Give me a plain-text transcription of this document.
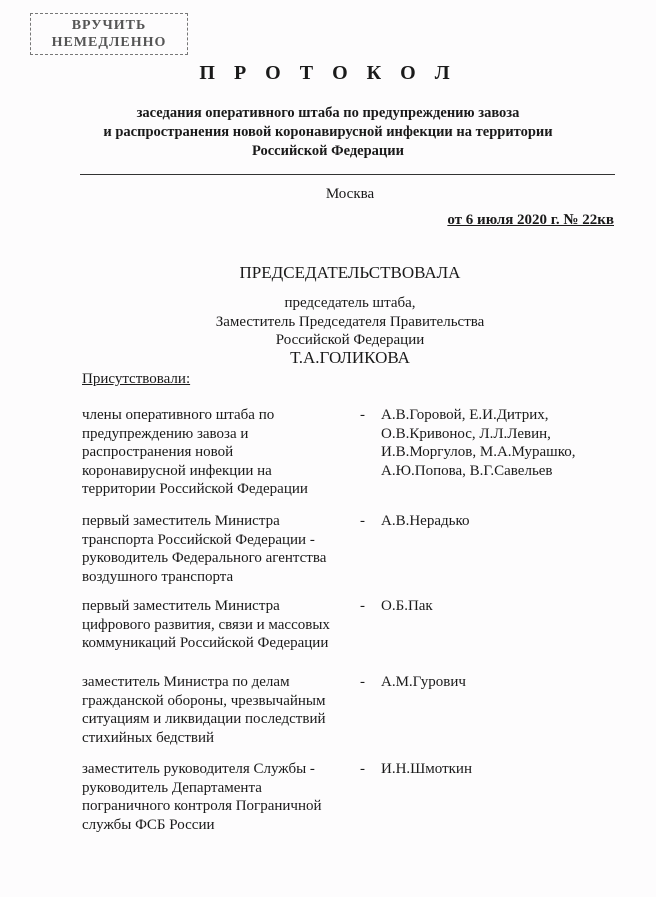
ВРУЧИТЬ
НЕМЕДЛЕННО
П Р О Т О К О Л
заседания оперативного штаба по предупреждению завоза
и распространения новой коронавирусной инфекции на территории
Российской Федерации
Москва
от 6 июля 2020 г. № 22кв
ПРЕДСЕДАТЕЛЬСТВОВАЛА
председатель штаба,
Заместитель Председателя Правительства
Российской Федерации
Т.А.ГОЛИКОВА
Присутствовали:
члены оперативного штаба по
предупреждению завоза и
распространения новой
коронавирусной инфекции на
территории Российской Федерации
- А.В.Горовой, Е.И.Дитрих,
О.В.Кривонос, Л.Л.Левин,
И.В.Моргулов, М.А.Мурашко,
А.Ю.Попова, В.Г.Савельев
первый заместитель Министра
транспорта Российской Федерации -
руководитель Федерального агентства
воздушного транспорта
- А.В.Нерадько
первый заместитель Министра
цифрового развития, связи и массовых
коммуникаций Российской Федерации
- О.Б.Пак
заместитель Министра по делам
гражданской обороны, чрезвычайным
ситуациям и ликвидации последствий
стихийных бедствий
- А.М.Гурович
заместитель руководителя Службы -
руководитель Департамента
пограничного контроля Пограничной
службы ФСБ России
- И.Н.Шмоткин
